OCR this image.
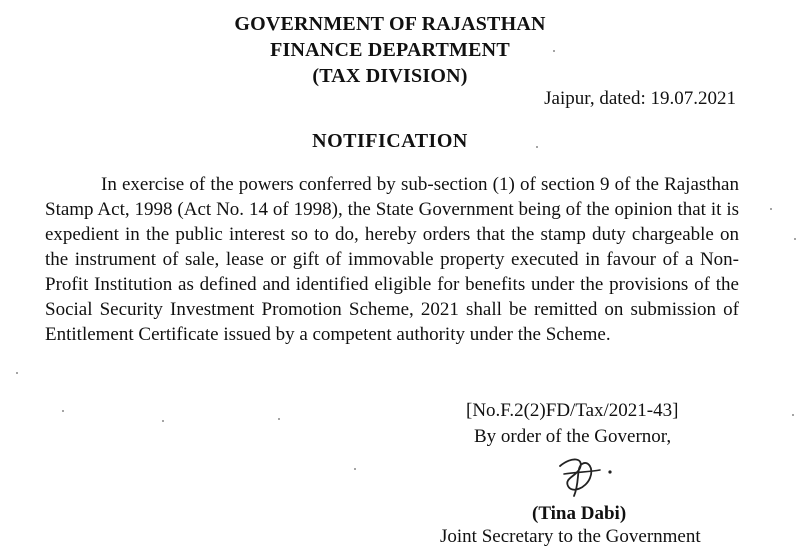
GOVERNMENT OF RAJASTHAN
FINANCE DEPARTMENT
(TAX DIVISION)
Jaipur, dated: 19.07.2021
NOTIFICATION

In exercise of the powers conferred by sub-section (1) of section 9 of the Rajasthan Stamp Act, 1998 (Act No. 14 of 1998), the State Government being of the opinion that it is expedient in the public interest so to do, hereby orders that the stamp duty chargeable on the instrument of sale, lease or gift of immovable property executed in favour of a Non-Profit Institution as defined and identified eligible for benefits under the provisions of the Social Security Investment Promotion Scheme, 2021 shall be remitted on submission of Entitlement Certificate issued by a competent authority under the Scheme.

[No.F.2(2)FD/Tax/2021-43]
By order of the Governor,
(Tina Dabi)
Joint Secretary to the Government
